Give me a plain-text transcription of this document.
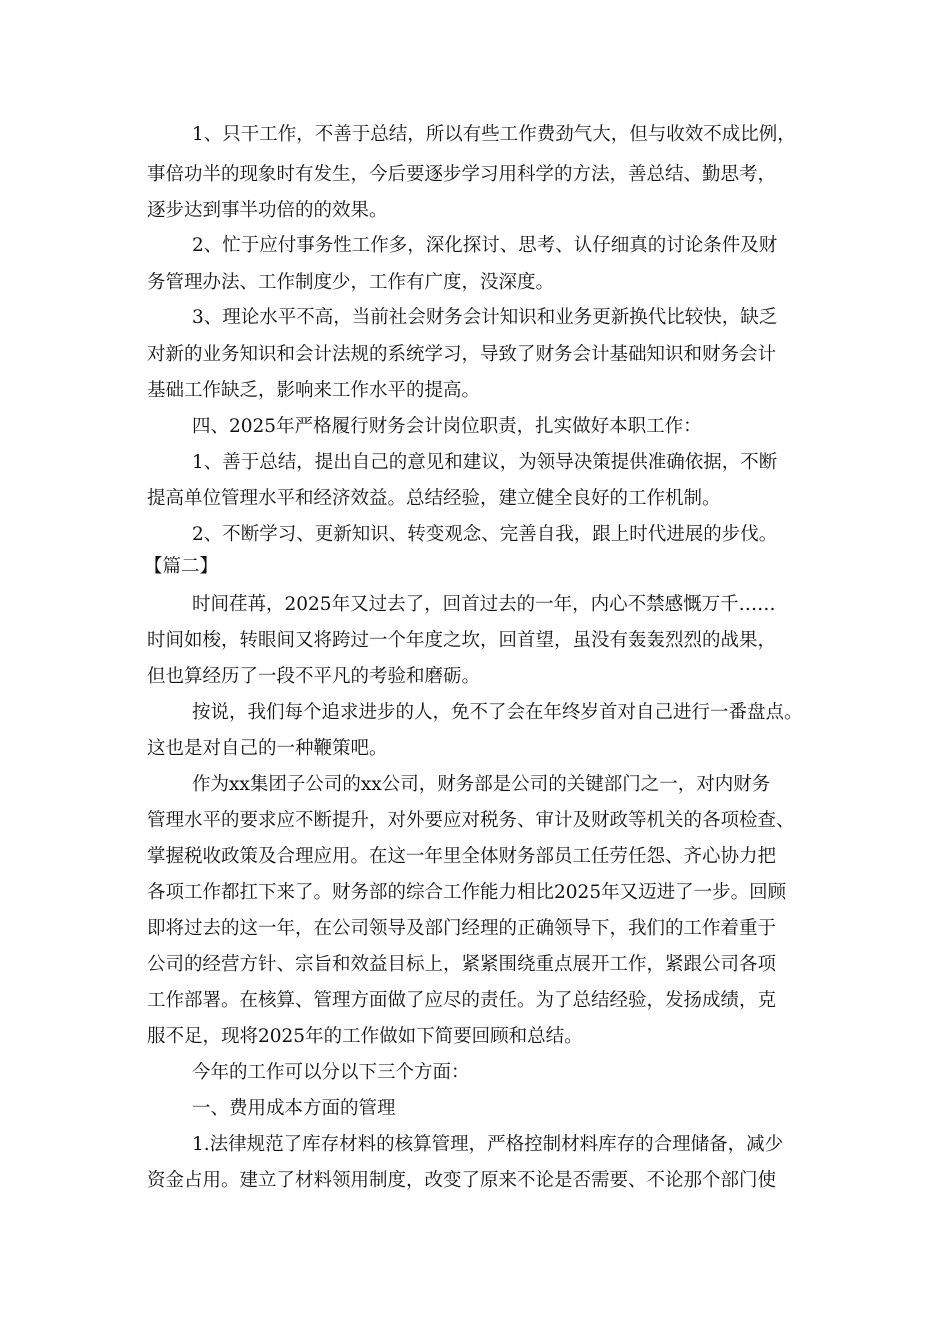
1、只干工作，不善于总结，所以有些工作费劲气大，但与收效不成比例，
事倍功半的现象时有发生，今后要逐步学习用科学的方法，善总结、勤思考，
逐步达到事半功倍的的效果。
2、忙于应付事务性工作多，深化探讨、思考、认仔细真的讨论条件及财
务管理办法、工作制度少，工作有广度，没深度。
3、理论水平不高，当前社会财务会计知识和业务更新换代比较快，缺乏
对新的业务知识和会计法规的系统学习，导致了财务会计基础知识和财务会计
基础工作缺乏，影响来工作水平的提高。
四、2025年严格履行财务会计岗位职责，扎实做好本职工作：
1、善于总结，提出自己的意见和建议，为领导决策提供准确依据，不断
提高单位管理水平和经济效益。总结经验，建立健全良好的工作机制。
2、不断学习、更新知识、转变观念、完善自我，跟上时代进展的步伐。
【篇二】
时间荏苒，2025年又过去了，回首过去的一年，内心不禁感慨万千……
时间如梭，转眼间又将跨过一个年度之坎，回首望，虽没有轰轰烈烈的战果，
但也算经历了一段不平凡的考验和磨砺。
按说，我们每个追求进步的人，免不了会在年终岁首对自己进行一番盘点。
这也是对自己的一种鞭策吧。
作为xx集团子公司的xx公司，财务部是公司的关键部门之一，对内财务
管理水平的要求应不断提升，对外要应对税务、审计及财政等机关的各项检查、
掌握税收政策及合理应用。在这一年里全体财务部员工任劳任怨、齐心协力把
各项工作都扛下来了。财务部的综合工作能力相比2025年又迈进了一步。回顾
即将过去的这一年，在公司领导及部门经理的正确领导下，我们的工作着重于
公司的经营方针、宗旨和效益目标上，紧紧围绕重点展开工作，紧跟公司各项
工作部署。在核算、管理方面做了应尽的责任。为了总结经验，发扬成绩，克
服不足，现将2025年的工作做如下简要回顾和总结。
今年的工作可以分以下三个方面：
一、费用成本方面的管理
1.法律规范了库存材料的核算管理，严格控制材料库存的合理储备，减少
资金占用。建立了材料领用制度，改变了原来不论是否需要、不论那个部门使
